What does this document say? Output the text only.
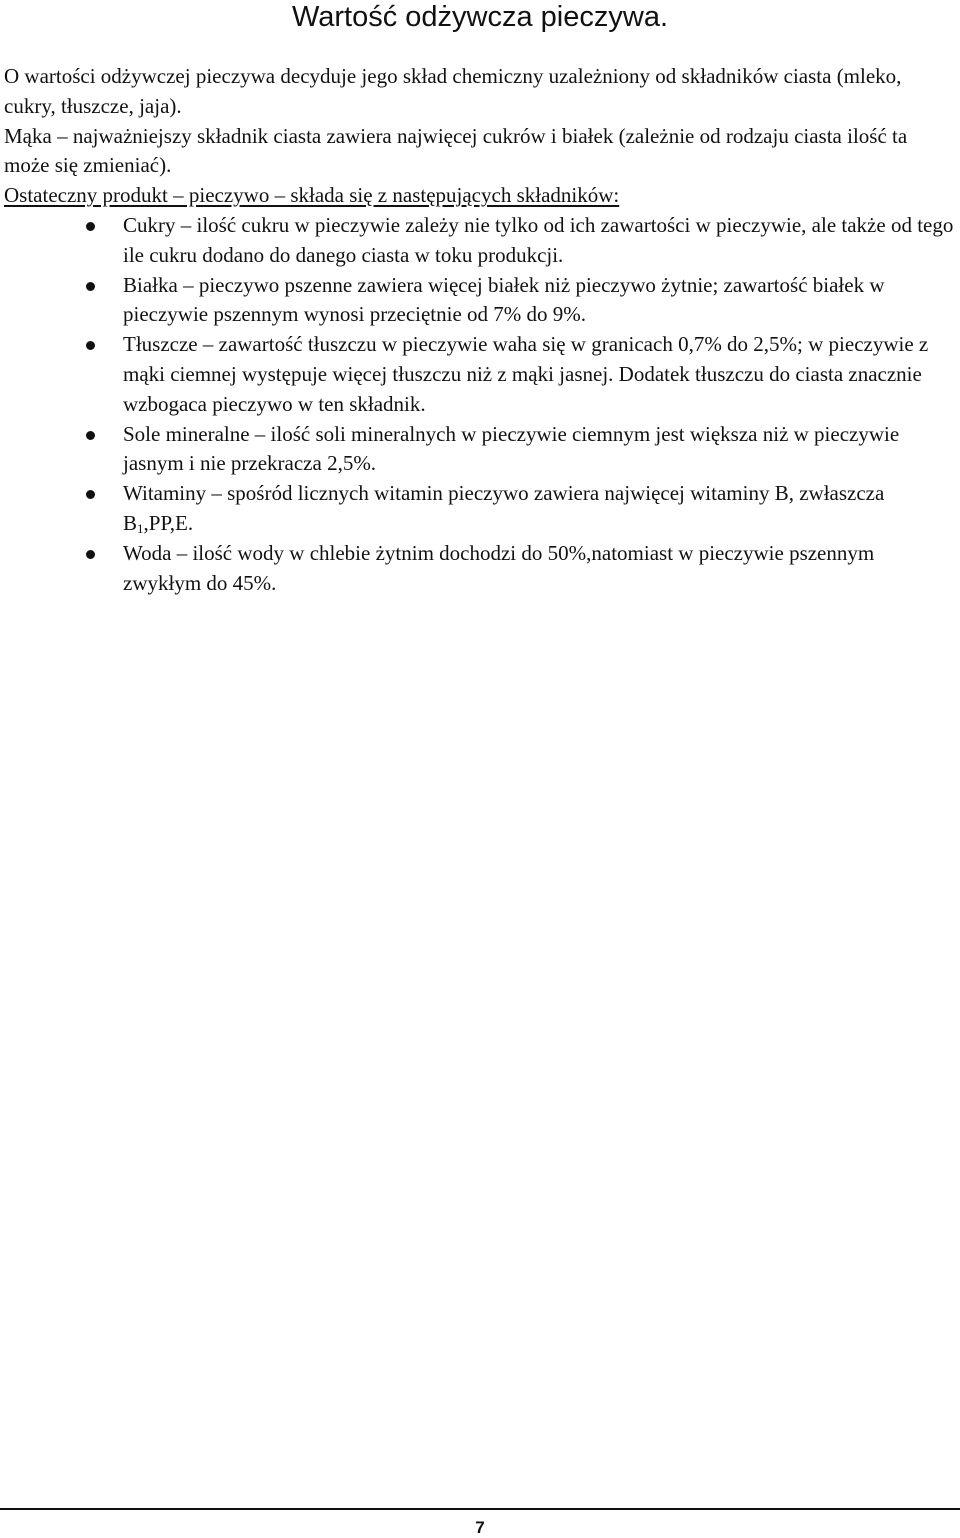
Wartość odżywcza pieczywa.

O wartości odżywczej pieczywa decyduje jego skład chemiczny uzależniony od składników ciasta (mleko, cukry, tłuszcze, jaja).

Mąka – najważniejszy składnik ciasta zawiera najwięcej cukrów i białek (zależnie od rodzaju ciasta ilość ta może się zmieniać).

Ostateczny produkt – pieczywo – składa się z następujących składników:

Cukry – ilość cukru w pieczywie zależy nie tylko od ich zawartości w pieczywie, ale także od tego ile cukru dodano do danego ciasta w toku produkcji.
Białka – pieczywo pszenne zawiera więcej białek niż pieczywo żytnie; zawartość białek w pieczywie pszennym wynosi przeciętnie od 7% do 9%.
Tłuszcze – zawartość tłuszczu w pieczywie waha się w granicach 0,7% do 2,5%; w pieczywie z mąki ciemnej występuje więcej tłuszczu niż z mąki jasnej. Dodatek tłuszczu do ciasta znacznie wzbogaca pieczywo w ten składnik.
Sole mineralne – ilość soli mineralnych w pieczywie ciemnym jest większa niż w pieczywie jasnym i nie przekracza 2,5%.
Witaminy – spośród licznych witamin pieczywo zawiera najwięcej witaminy B, zwłaszcza $B_1,PP,E$.
Woda – ilość wody w chlebie żytnim dochodzi do 50%,natomiast w pieczywie pszennym zwykłym do 45%.
7
